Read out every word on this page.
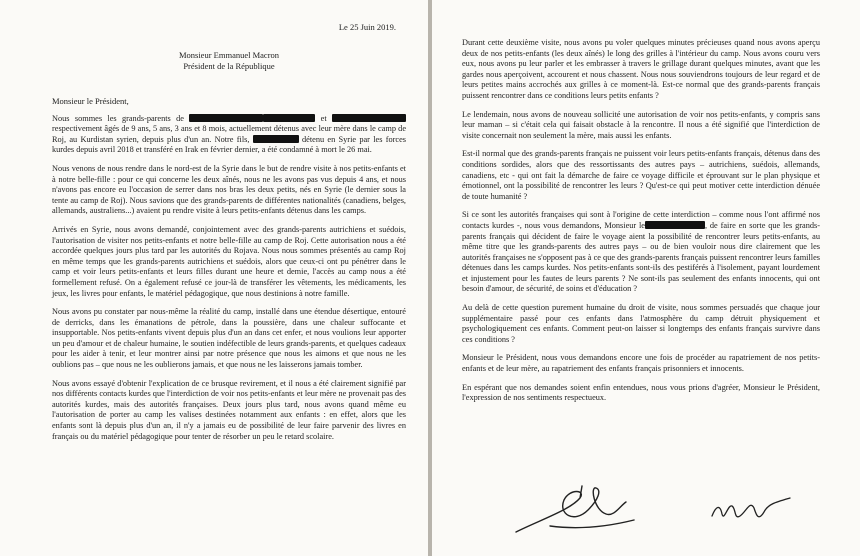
Le 25 Juin 2019.
Monsieur Emmanuel Macron
Président de la République
Monsieur le Président,

Nous sommes les grands-parents de	et  respectivement âgés de 9 ans, 5 ans, 3 ans et 8 mois, actuellement détenus avec leur mère dans le camp de Roj, au Kurdistan syrien, depuis plus d'un an. Notre fils,	détenu en Syrie par les forces kurdes depuis avril 2018 et transféré en Irak en février dernier, a été condamné à mort le 26 mai.

Nous venons de nous rendre dans le nord-est de la Syrie dans le but de rendre visite à nos petits-enfants et à notre belle-fille : pour ce qui concerne les deux aînés, nous ne les avons pas vus depuis 4 ans, et nous n'avons pas encore eu l'occasion de serrer dans nos bras les deux petits, nés en Syrie (le dernier sous la tente au camp de Roj). Nous savions que des grands-parents de différentes nationalités (canadiens, belges, allemands, australiens...) avaient pu rendre visite à leurs petits-enfants détenus dans les camps.

Arrivés en Syrie, nous avons demandé, conjointement avec des grands-parents autrichiens et suédois, l'autorisation de visiter nos petits-enfants et notre belle-fille au camp de Roj. Cette autorisation nous a été accordée quelques jours plus tard par les autorités du Rojava. Nous nous sommes présentés au camp Roj en même temps que les grands-parents autrichiens et suédois, alors que ceux-ci ont pu pénétrer dans le camp et voir leurs petits-enfants et leurs filles durant une heure et demie, l'accès au camp nous a été formellement refusé. On a également refusé ce jour-là de transférer les vêtements, les médicaments, les jeux, les livres pour enfants, le matériel pédagogique, que nous destinions à notre famille.

Nous avons pu constater par nous-même la réalité du camp, installé dans une étendue désertique, entouré de derricks, dans les émanations de pétrole, dans la poussière, dans une chaleur suffocante et insupportable. Nos petits-enfants vivent depuis plus d'un an dans cet enfer, et nous voulions leur apporter un peu d'amour et de chaleur humaine, le soutien indéfectible de leurs grands-parents, et quelques cadeaux pour les aider à tenir, et leur montrer ainsi par notre présence que nous les aimons et que nous ne les oublions pas – que nous ne les oublierons jamais, et que nous ne les laisserons jamais tomber.

Nous avons essayé d'obtenir l'explication de ce brusque revirement, et il nous a été clairement signifié par nos différents contacts kurdes que l'interdiction de voir nos petits-enfants et leur mère ne provenait pas des autorités kurdes, mais des autorités françaises. Deux jours plus tard, nous avons quand même eu l'autorisation de porter au camp les valises destinées notamment aux enfants : en effet, alors que les enfants sont là depuis plus d'un an, il n'y a jamais eu de possibilité de leur faire parvenir des livres en français ou du matériel pédagogique pour tenter de résorber un peu le retard scolaire.

Durant cette deuxième visite, nous avons pu voler quelques minutes précieuses quand nous avons aperçu deux de nos petits-enfants (les deux aînés) le long des grilles à l'intérieur du camp. Nous avons couru vers eux, nous avons pu leur parler et les embrasser à travers le grillage durant quelques minutes, avant que les gardes nous aperçoivent, accourent et nous chassent. Nous nous souviendrons toujours de leur regard et de leurs petites mains accrochés aux grilles à ce moment-là. Est-ce normal que des grands-parents français puissent rencontrer dans ce conditions leurs petits enfants ?

Le lendemain, nous avons de nouveau sollicité une autorisation de voir nos petits-enfants, y compris sans leur maman – si c'était cela qui faisait obstacle à la rencontre. Il nous a été signifié que l'interdiction de visite concernait non seulement la mère, mais aussi les enfants.

Est-il normal que des grands-parents français ne puissent voir leurs petits-enfants français, détenus dans des conditions sordides, alors que des ressortissants des autres pays – autrichiens, suédois, allemands, canadiens, etc - qui ont fait la démarche de faire ce voyage difficile et éprouvant sur le plan physique et émotionnel, ont la possibilité de rencontrer les leurs ? Qu'est-ce qui peut motiver cette interdiction dénuée de toute humanité ?

Si ce sont les autorités françaises qui sont à l'origine de cette interdiction – comme nous l'ont affirmé nos contacts kurdes -, nous vous demandons, Monsieur le	, de faire en sorte que les grands-parents français qui décident de faire le voyage aient la possibilité de rencontrer leurs petits-enfants, au même titre que les grands-parents des autres pays – ou de bien vouloir nous dire clairement que les autorités françaises ne s'opposent pas à ce que des grands-parents français puissent rencontrer leurs familles détenues dans les camps kurdes. Nos petits-enfants sont-ils des pestiférés à l'isolement, payant lourdement et injustement pour les fautes de leurs parents ? Ne sont-ils pas seulement des enfants innocents, qui ont besoin d'amour, de sécurité, de soins et d'éducation ?

Au delà de cette question purement humaine du droit de visite, nous sommes persuadés que chaque jour supplémentaire passé pour ces enfants dans l'atmosphère du camp détruit physiquement et psychologiquement ces enfants. Comment peut-on laisser si longtemps des enfants français survivre dans ces conditions ?

Monsieur le Président, nous vous demandons encore une fois de procéder au rapatriement de nos petits-enfants et de leur mère, au rapatriement des enfants français prisonniers et innocents.

En espérant que nos demandes soient enfin entendues, nous vous prions d'agréer, Monsieur le Président, l'expression de nos sentiments respectueux.
